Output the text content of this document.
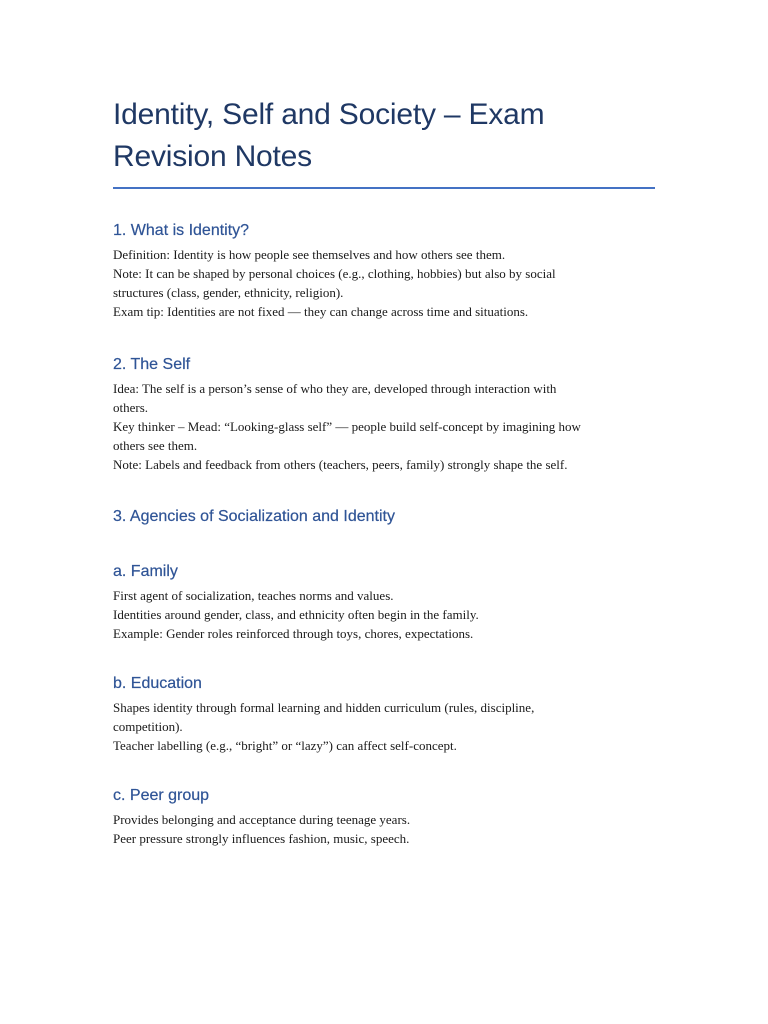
Identity, Self and Society – Exam
Revision Notes
1. What is Identity?
Definition: Identity is how people see themselves and how others see them.
Note: It can be shaped by personal choices (e.g., clothing, hobbies) but also by social
structures (class, gender, ethnicity, religion).
Exam tip: Identities are not fixed — they can change across time and situations.
2. The Self
Idea: The self is a person’s sense of who they are, developed through interaction with
others.
Key thinker – Mead: “Looking-glass self” — people build self-concept by imagining how
others see them.
Note: Labels and feedback from others (teachers, peers, family) strongly shape the self.
3. Agencies of Socialization and Identity
a. Family
First agent of socialization, teaches norms and values.
Identities around gender, class, and ethnicity often begin in the family.
Example: Gender roles reinforced through toys, chores, expectations.
b. Education
Shapes identity through formal learning and hidden curriculum (rules, discipline,
competition).
Teacher labelling (e.g., “bright” or “lazy”) can affect self-concept.
c. Peer group
Provides belonging and acceptance during teenage years.
Peer pressure strongly influences fashion, music, speech.
